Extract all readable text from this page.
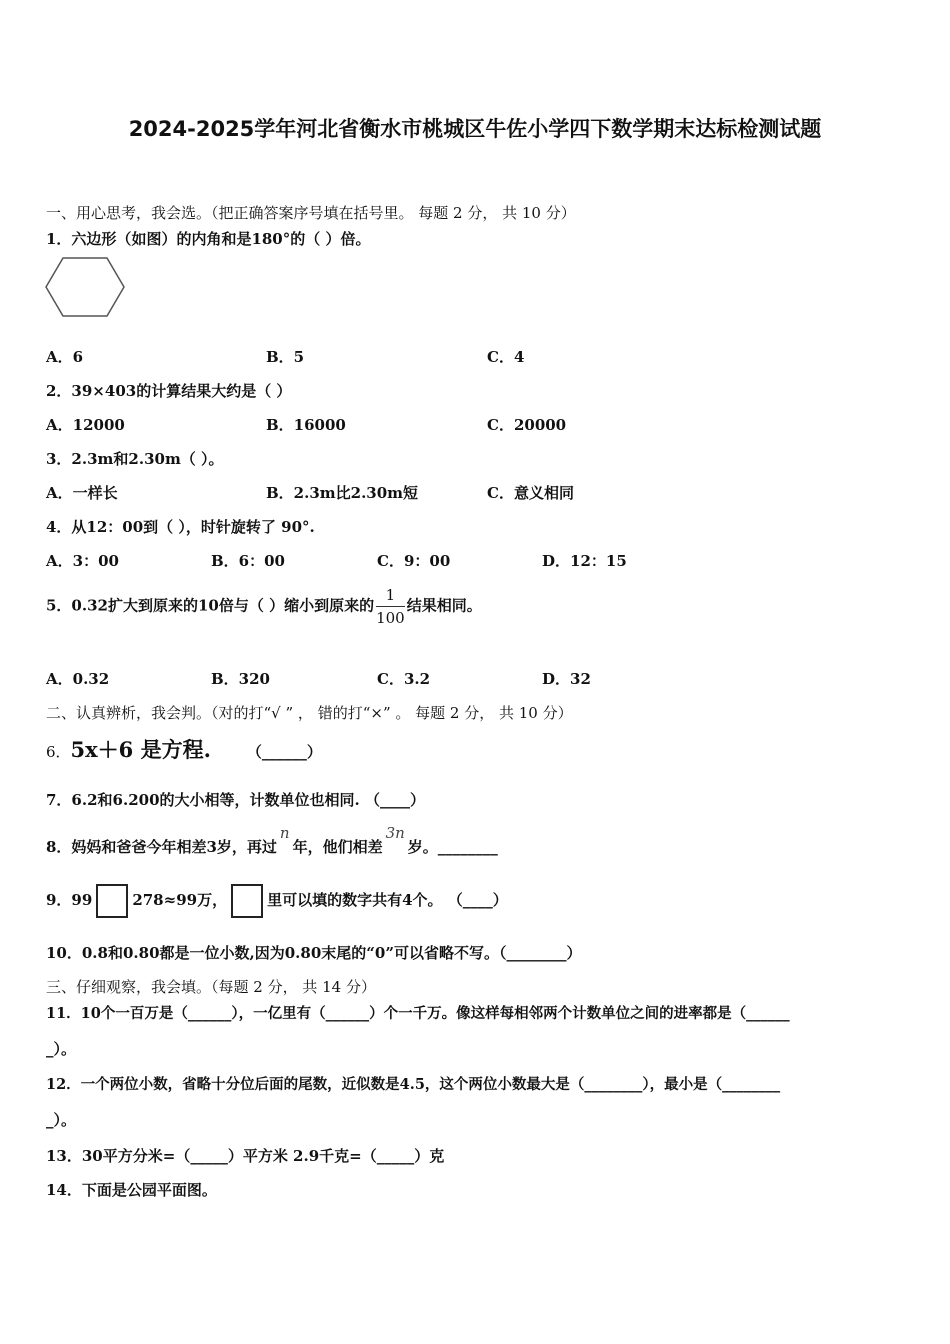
2024-2025学年河北省衡水市桃城区牛佐小学四下数学期末达标检测试题
一、用心思考，我会选。（把正确答案序号填在括号里。 每题 2 分， 共 10 分）
1．六边形（如图）的内角和是180°的（ ）倍。
A．6	B．5	C．4
2．39×403的计算结果大约是（ ）
A．12000	B．16000	C．20000
3．2.3m和2.30m（ ）。
A．一样长	B．2.3m比2.30m短	C．意义相同
4．从12：00到（ ），时针旋转了 90°.
A．3：00	B．6：00	C．9：00	D．12：15
5．0.32扩大到原来的10倍与（ ）缩小到原来的 $\frac{1}{100}$ 结果相同。
A．0.32	B．320	C．3.2	D．32
二、认真辨析，我会判。（对的打“√ ” ， 错的打“×” 。 每题 2 分， 共 10 分）
6．5x＋6 是方程. （______）
7．6.2和6.200的大小相等，计数单位也相同. （____）
8．妈妈和爸爸今年相差3岁，再过n年，他们相差3n岁。________
9．99	278≈99万，	里可以填的数字共有4个。 （____）
10．0.8和0.80都是一位小数,因为0.80末尾的“0”可以省略不写。（________）
三、仔细观察，我会填。（每题 2 分， 共 14 分）
11．10个一百万是（______），一亿里有（______）个一千万。像这样每相邻两个计数单位之间的进率都是（______
_）。
12．一个两位小数，省略十分位后面的尾数，近似数是4.5，这个两位小数最大是（________），最小是（________
_）。
13．30平方分米=（_____）平方米 2.9千克=（_____）克
14．下面是公园平面图。
